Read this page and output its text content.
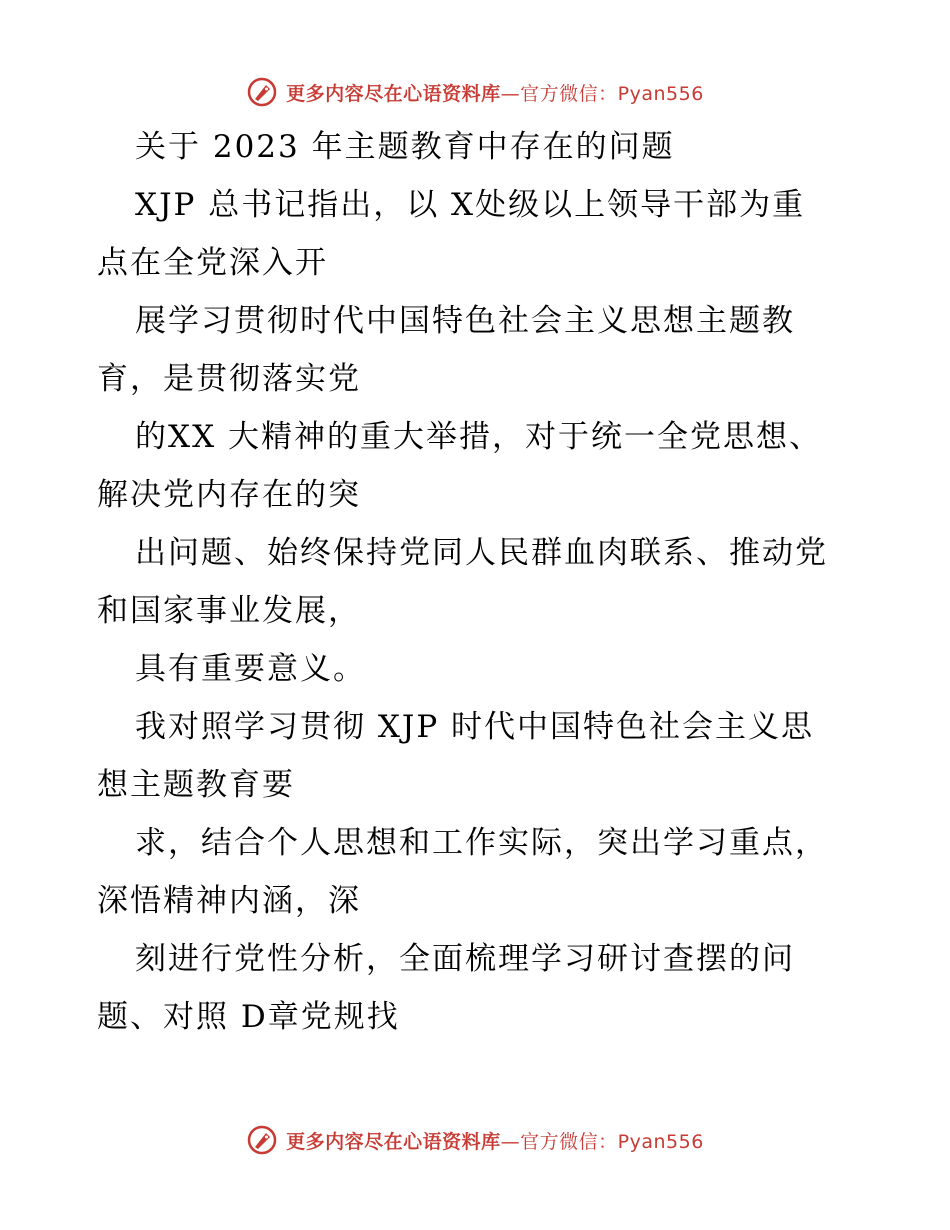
更多内容尽在心语资料库—官方微信：Pyan556
关于 2023 年主题教育中存在的问题
XJP 总书记指出，以 X处级以上领导干部为重
点在全党深入开
展学习贯彻时代中国特色社会主义思想主题教
育，是贯彻落实党
的XX 大精神的重大举措，对于统一全党思想、
解决党内存在的突
出问题、始终保持党同人民群血肉联系、推动党
和国家事业发展，
具有重要意义。
我对照学习贯彻 XJP 时代中国特色社会主义思
想主题教育要
求，结合个人思想和工作实际，突出学习重点，
深悟精神内涵，深
刻进行党性分析，全面梳理学习研讨查摆的问
题、对照 D章党规找
更多内容尽在心语资料库—官方微信：Pyan556
